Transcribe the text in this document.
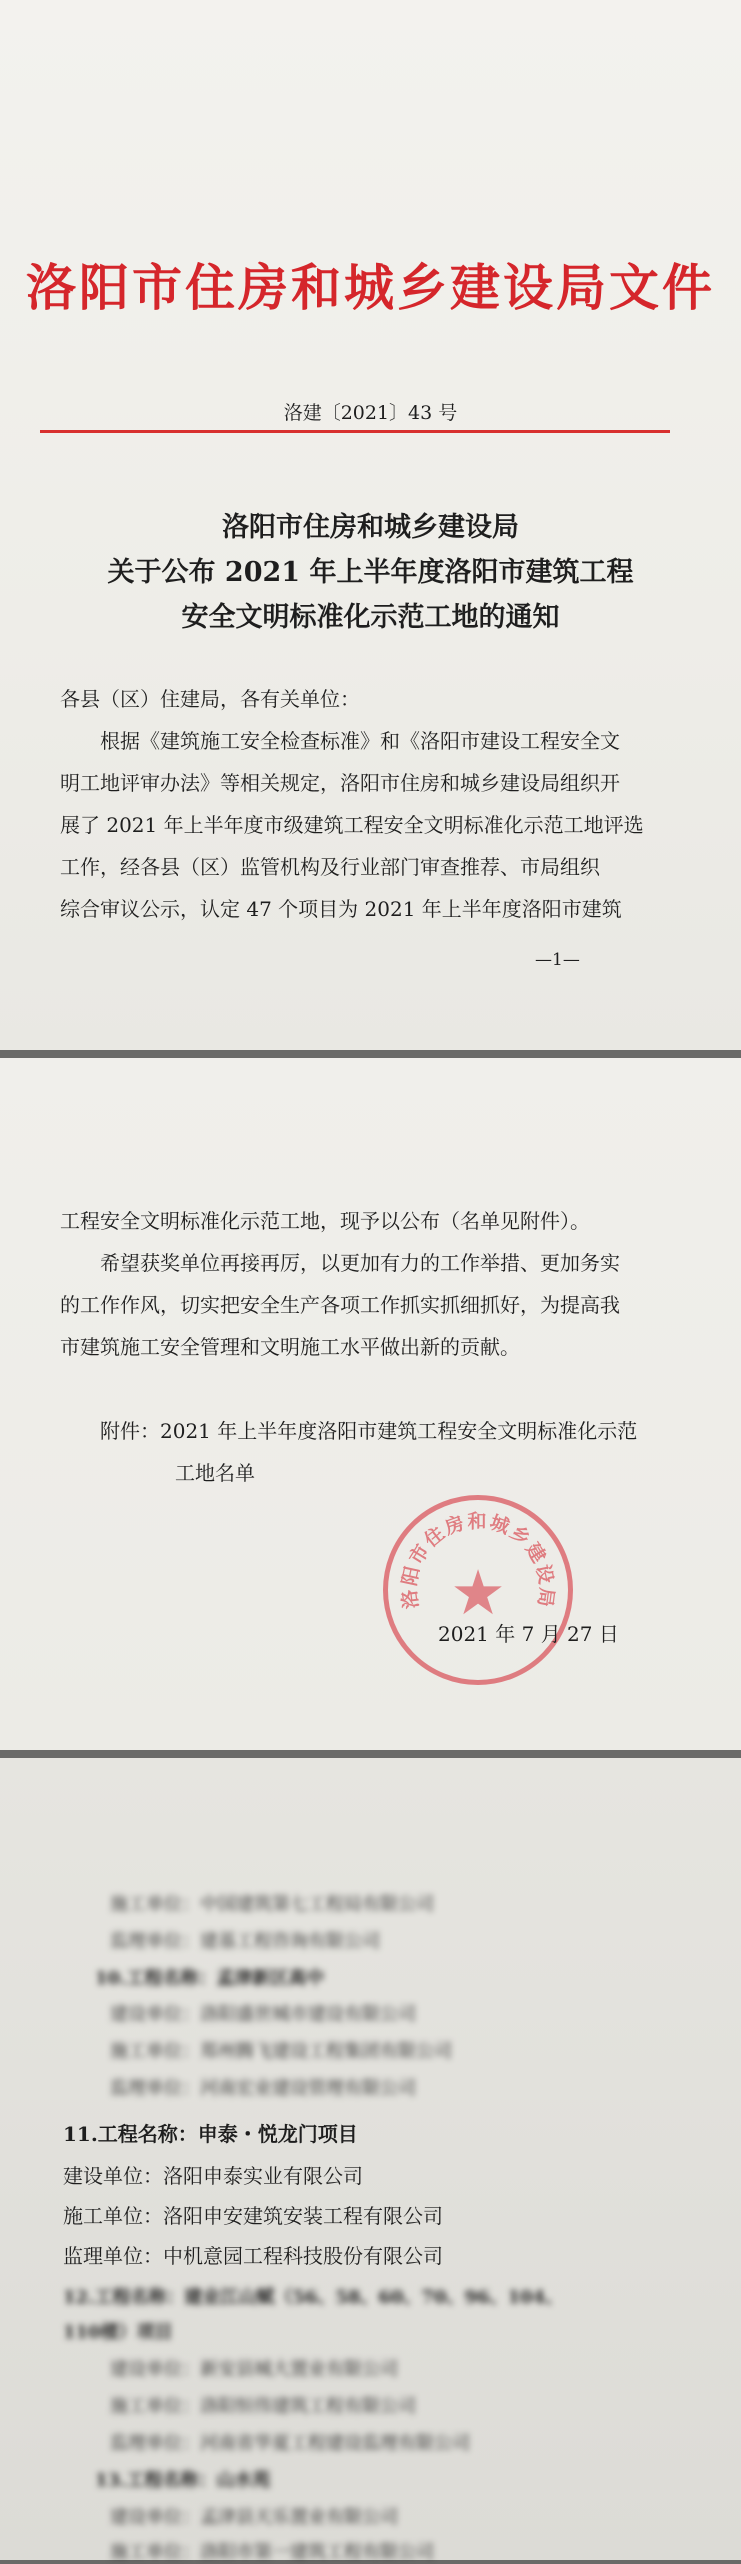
洛阳市住房和城乡建设局文件
洛建〔2021〕43 号
洛阳市住房和城乡建设局
关于公布 2021 年上半年度洛阳市建筑工程
安全文明标准化示范工地的通知
各县（区）住建局，各有关单位：
根据《建筑施工安全检查标准》和《洛阳市建设工程安全文
明工地评审办法》等相关规定，洛阳市住房和城乡建设局组织开
展了 2021 年上半年度市级建筑工程安全文明标准化示范工地评选
工作，经各县（区）监管机构及行业部门审查推荐、市局组织
综合审议公示，认定 47 个项目为 2021 年上半年度洛阳市建筑
—1—
工程安全文明标准化示范工地，现予以公布（名单见附件）。
希望获奖单位再接再厉，以更加有力的工作举措、更加务实
的工作作风，切实把安全生产各项工作抓实抓细抓好，为提高我
市建筑施工安全管理和文明施工水平做出新的贡献。
附件：2021 年上半年度洛阳市建筑工程安全文明标准化示范
工地名单
洛阳市住房和城乡建设局
★
2021 年 7 月 27 日
施工单位：中国建筑第七工程局有限公司
监理单位：建基工程咨询有限公司
10.工程名称：孟津新区高中
建设单位：洛阳盛世城市建设有限公司
施工单位：郑州腾飞建设工程集团有限公司
监理单位：河南宏业建设管理有限公司
11.工程名称：申泰・悦龙门项目
建设单位：洛阳申泰实业有限公司
施工单位：洛阳申安建筑安装工程有限公司
监理单位：中机意园工程科技股份有限公司
12.工程名称：建业江山赋（56、58、60、70、96、104、
110楼）项目
建设单位：新安县城大置业有限公司
施工单位：洛阳恒伟建筑工程有限公司
监理单位：河南省华夏工程建设监理有限公司
13.工程名称：山水苑
建设单位：孟津县天乐置业有限公司
施工单位：洛阳市第一建筑工程有限公司
